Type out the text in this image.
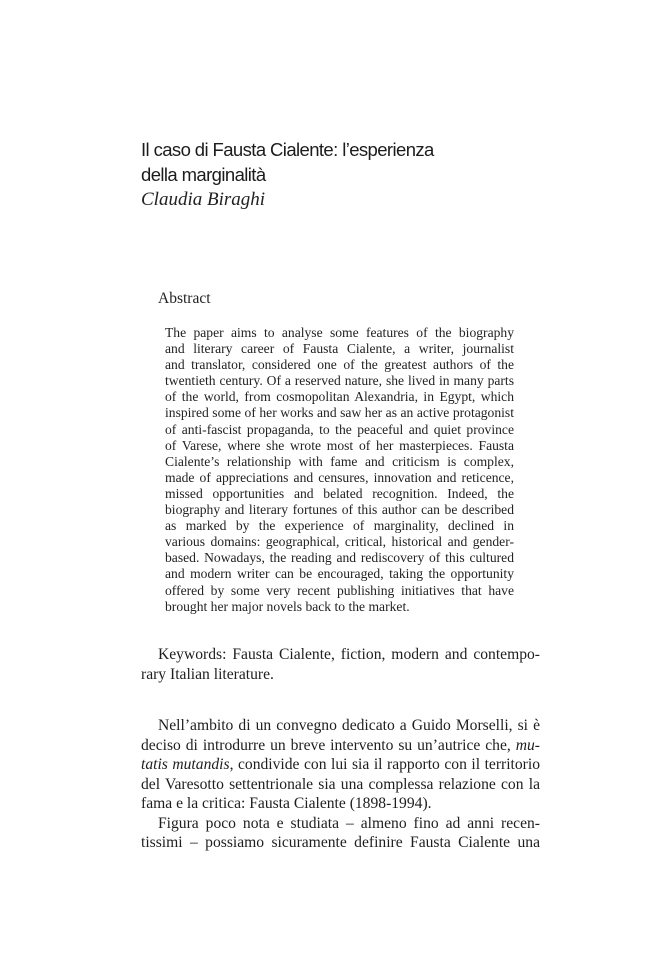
Il caso di Fausta Cialente: l’esperienza
della marginalità

Claudia Biraghi

Abstract
The paper aims to analyse some features of the biography
and literary career of Fausta Cialente, a writer, journalist
and translator, considered one of the greatest authors of the
twentieth century. Of a reserved nature, she lived in many parts
of the world, from cosmopolitan Alexandria, in Egypt, which
inspired some of her works and saw her as an active protagonist
of anti-fascist propaganda, to the peaceful and quiet province
of Varese, where she wrote most of her masterpieces. Fausta
Cialente’s relationship with fame and criticism is complex,
made of appreciations and censures, innovation and reticence,
missed opportunities and belated recognition. Indeed, the
biography and literary fortunes of this author can be described
as marked by the experience of marginality, declined in
various domains: geographical, critical, historical and gender-
based. Nowadays, the reading and rediscovery of this cultured
and modern writer can be encouraged, taking the opportunity
offered by some very recent publishing initiatives that have
brought her major novels back to the market.
Keywords: Fausta Cialente, fiction, modern and contempo-
rary Italian literature.
Nell’ambito di un convegno dedicato a Guido Morselli, si è
deciso di introdurre un breve intervento su un’autrice che, mu-
tatis mutandis, condivide con lui sia il rapporto con il territorio
del Varesotto settentrionale sia una complessa relazione con la
fama e la critica: Fausta Cialente (1898-1994).
Figura poco nota e studiata – almeno fino ad anni recen-
tissimi – possiamo sicuramente definire Fausta Cialente una
